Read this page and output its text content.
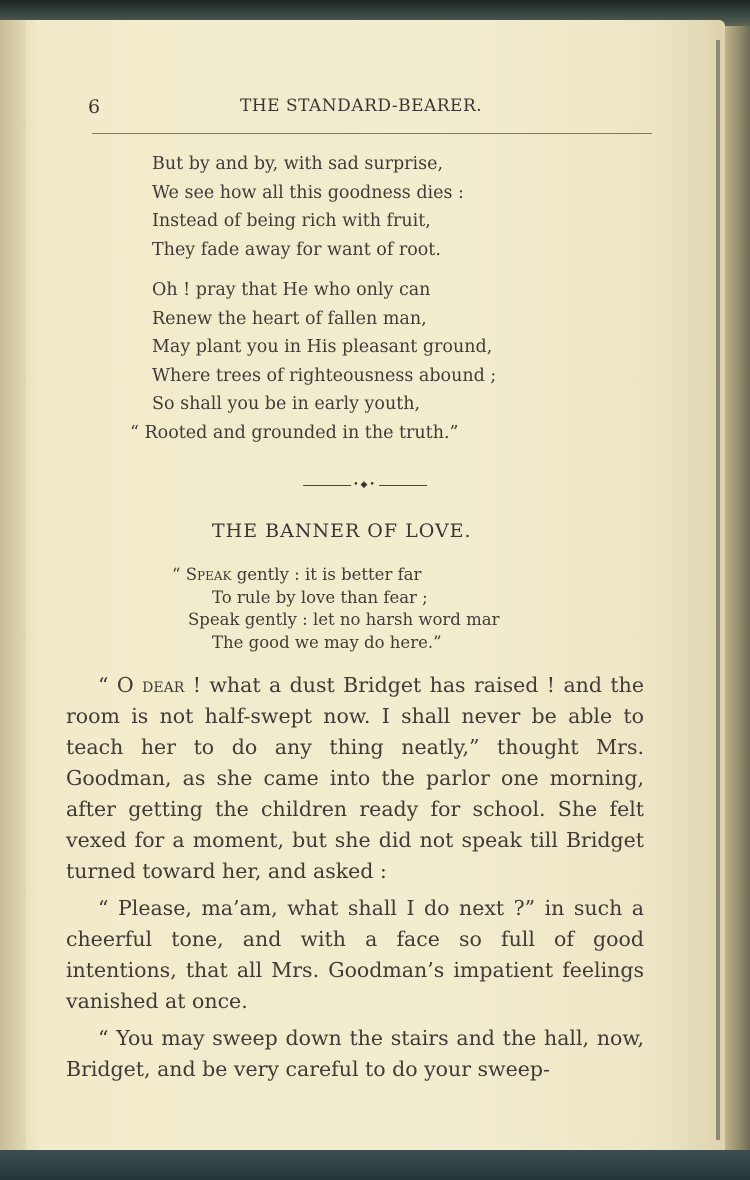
6	THE STANDARD-BEARER.
But by and by, with sad surprise,
We see how all this goodness dies :
Instead of being rich with fruit,
They fade away for want of root.
Oh ! pray that He who only can
Renew the heart of fallen man,
May plant you in His pleasant ground,
Where trees of righteousness abound ;
So shall you be in early youth,
“ Rooted and grounded in the truth.”
•◆•
THE BANNER OF LOVE.
“ Speak gently : it is better far
To rule by love than fear ;
Speak gently : let no harsh word mar
The good we may do here.”

“ O dear ! what a dust Bridget has raised ! and the room is not half-swept now. I shall never be able to teach her to do any thing neatly,” thought Mrs. Goodman, as she came into the parlor one morning, after getting the children ready for school. She felt vexed for a moment, but she did not speak till Bridget turned toward her, and asked :

“ Please, ma’am, what shall I do next ?” in such a cheerful tone, and with a face so full of good intentions, that all Mrs. Goodman’s impatient feelings vanished at once.

“ You may sweep down the stairs and the hall, now, Bridget, and be very careful to do your sweep-
